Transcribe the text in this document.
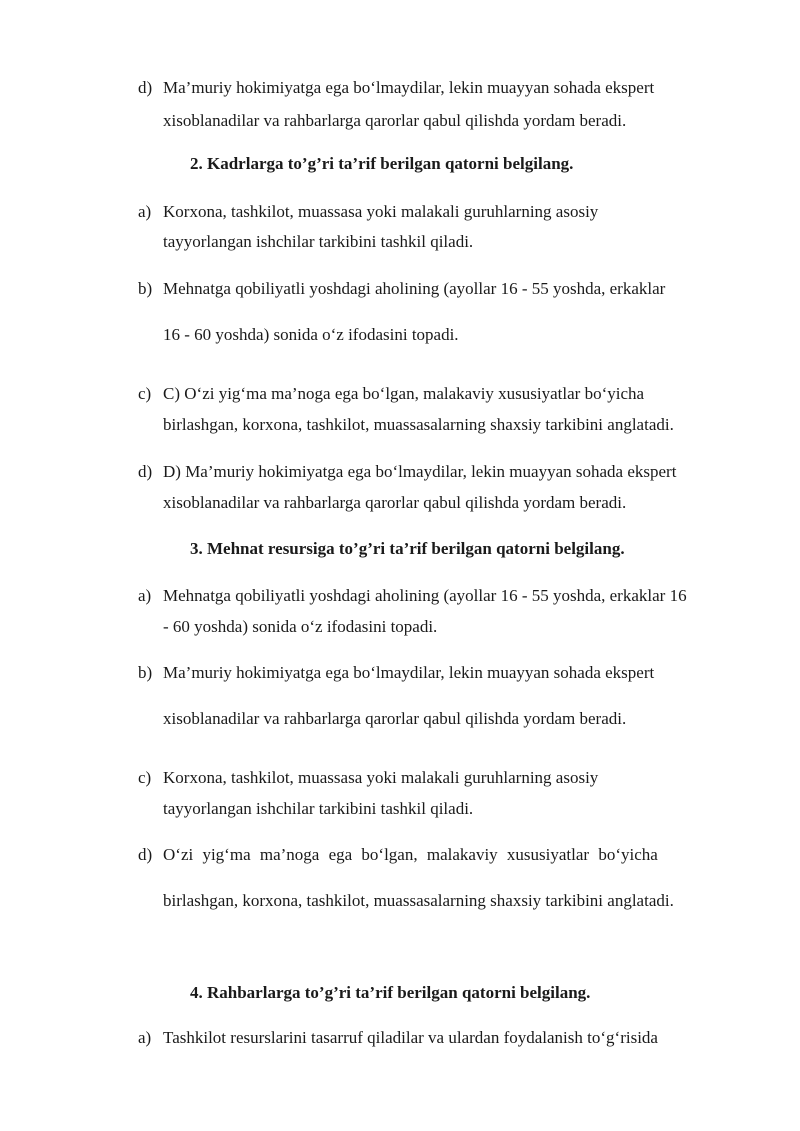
d) Ma’muriy hokimiyatga ega bo‘lmaydilar, lekin muayyan sohada ekspert
xisoblanadilar va rahbarlarga qarorlar qabul qilishda yordam beradi.
2. Kadrlarga to’g’ri ta’rif berilgan qatorni belgilang.
a) Korxona, tashkilot, muassasa yoki malakali guruhlarning asosiy
tayyorlangan ishchilar tarkibini tashkil qiladi.
b) Mehnatga qobiliyatli yoshdagi aholining (ayollar 16 - 55 yoshda, erkaklar
16 - 60 yoshda) sonida o‘z ifodasini topadi.
c) C) O‘zi yig‘ma ma’noga ega bo‘lgan, malakaviy xususiyatlar bo‘yicha
birlashgan, korxona, tashkilot, muassasalarning shaxsiy tarkibini anglatadi.
d) D) Ma’muriy hokimiyatga ega bo‘lmaydilar, lekin muayyan sohada ekspert
xisoblanadilar va rahbarlarga qarorlar qabul qilishda yordam beradi.
3. Mehnat resursiga to’g’ri ta’rif berilgan qatorni belgilang.
a) Mehnatga qobiliyatli yoshdagi aholining (ayollar 16 - 55 yoshda, erkaklar 16
- 60 yoshda) sonida o‘z ifodasini topadi.
b) Ma’muriy hokimiyatga ega bo‘lmaydilar, lekin muayyan sohada ekspert
xisoblanadilar va rahbarlarga qarorlar qabul qilishda yordam beradi.
c) Korxona, tashkilot, muassasa yoki malakali guruhlarning asosiy
tayyorlangan ishchilar tarkibini tashkil qiladi.
d) O‘zi yig‘ma ma’noga ega bo‘lgan, malakaviy xususiyatlar bo‘yicha
birlashgan, korxona, tashkilot, muassasalarning shaxsiy tarkibini anglatadi.
4. Rahbarlarga to’g’ri ta’rif berilgan qatorni belgilang.
a) Tashkilot resurslarini tasarruf qiladilar va ulardan foydalanish to‘g‘risida
